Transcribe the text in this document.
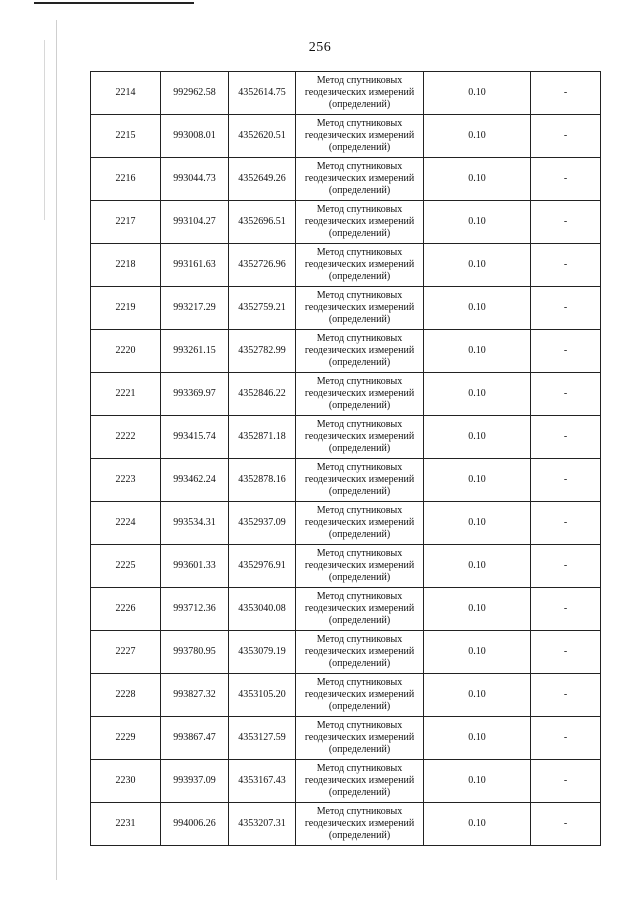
256
2214	992962.58	4352614.75	Метод спутниковых
геодезических измерений
(определений)	0.10	-
2215	993008.01	4352620.51	Метод спутниковых
геодезических измерений
(определений)	0.10	-
2216	993044.73	4352649.26	Метод спутниковых
геодезических измерений
(определений)	0.10	-
2217	993104.27	4352696.51	Метод спутниковых
геодезических измерений
(определений)	0.10	-
2218	993161.63	4352726.96	Метод спутниковых
геодезических измерений
(определений)	0.10	-
2219	993217.29	4352759.21	Метод спутниковых
геодезических измерений
(определений)	0.10	-
2220	993261.15	4352782.99	Метод спутниковых
геодезических измерений
(определений)	0.10	-
2221	993369.97	4352846.22	Метод спутниковых
геодезических измерений
(определений)	0.10	-
2222	993415.74	4352871.18	Метод спутниковых
геодезических измерений
(определений)	0.10	-
2223	993462.24	4352878.16	Метод спутниковых
геодезических измерений
(определений)	0.10	-
2224	993534.31	4352937.09	Метод спутниковых
геодезических измерений
(определений)	0.10	-
2225	993601.33	4352976.91	Метод спутниковых
геодезических измерений
(определений)	0.10	-
2226	993712.36	4353040.08	Метод спутниковых
геодезических измерений
(определений)	0.10	-
2227	993780.95	4353079.19	Метод спутниковых
геодезических измерений
(определений)	0.10	-
2228	993827.32	4353105.20	Метод спутниковых
геодезических измерений
(определений)	0.10	-
2229	993867.47	4353127.59	Метод спутниковых
геодезических измерений
(определений)	0.10	-
2230	993937.09	4353167.43	Метод спутниковых
геодезических измерений
(определений)	0.10	-
2231	994006.26	4353207.31	Метод спутниковых
геодезических измерений
(определений)	0.10	-
